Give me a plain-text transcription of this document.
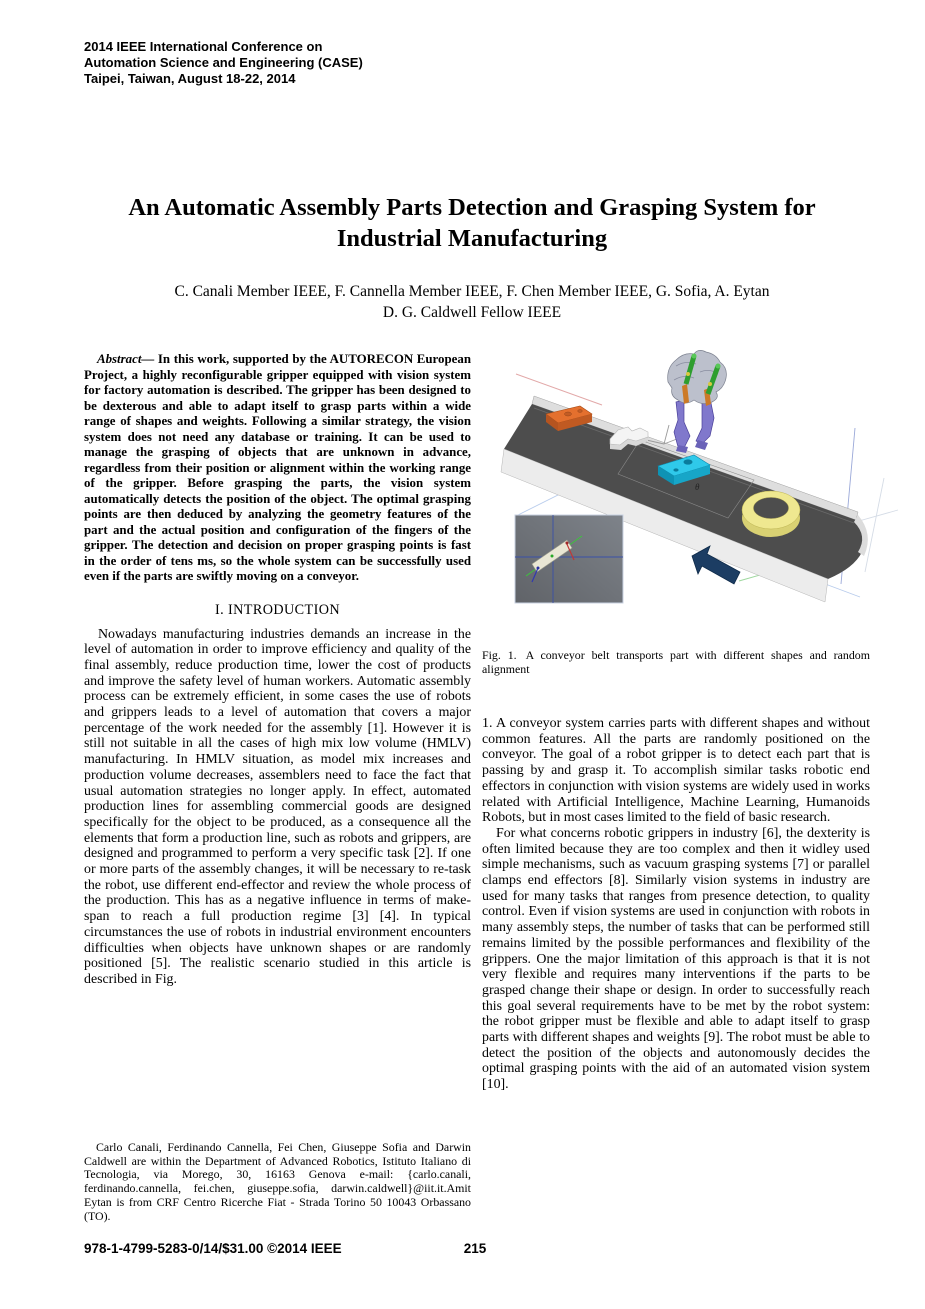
2014 IEEE International Conference on
Automation Science and Engineering (CASE)
Taipei, Taiwan, August 18-22, 2014
An Automatic Assembly Parts Detection and Grasping System for
Industrial Manufacturing
C. Canali Member IEEE, F. Cannella Member IEEE, F. Chen Member IEEE, G. Sofia, A. Eytan
D. G. Caldwell Fellow IEEE

Abstract— In this work, supported by the AUTORECON European Project, a highly reconfigurable gripper equipped with vision system for factory automation is described. The gripper has been designed to be dexterous and able to adapt itself to grasp parts within a wide range of shapes and weights. Following a similar strategy, the vision system does not need any database or training. It can be used to manage the grasping of objects that are unknown in advance, regardless from their position or alignment within the working range of the gripper. Before grasping the parts, the vision system automatically detects the position of the object. The optimal grasping points are then deduced by analyzing the geometry features of the part and the actual position and configuration of the fingers of the gripper. The detection and decision on proper grasping points is fast in the order of tens ms, so the whole system can be successfully used even if the parts are swiftly moving on a conveyor.

I. INTRODUCTION

Nowadays manufacturing industries demands an increase in the level of automation in order to improve efficiency and quality of the final assembly, reduce production time, lower the cost of products and improve the safety level of human workers. Automatic assembly process can be extremely efficient, in some cases the use of robots and grippers leads to a level of automation that covers a major percentage of the work needed for the assembly [1]. However it is still not suitable in all the cases of high mix low volume (HMLV) manufacturing. In HMLV situation, as model mix increases and production volume decreases, assemblers need to face the fact that usual automation strategies no longer apply. In effect, automated production lines for assembling commercial goods are designed specifically for the object to be produced, as a consequence all the elements that form a production line, such as robots and grippers, are designed and programmed to perform a very specific task [2]. If one or more parts of the assembly changes, it will be necessary to re-task the robot, use different end-effector and review the whole process of the production. This has as a negative influence in terms of make-span to reach a full production regime [3] [4]. In typical circumstances the use of robots in industrial environment encounters difficulties when objects have unknown shapes or are randomly positioned [5]. The realistic scenario studied in this article is described in Fig.

θ
Fig. 1. A conveyor belt transports part with different shapes and random alignment

1. A conveyor system carries parts with different shapes and without common features. All the parts are randomly positioned on the conveyor. The goal of a robot gripper is to detect each part that is passing by and grasp it. To accomplish similar tasks robotic end effectors in conjunction with vision systems are widely used in works related with Artificial Intelligence, Machine Learning, Humanoids Robots, but in most cases limited to the field of basic research.

For what concerns robotic grippers in industry [6], the dexterity is often limited because they are too complex and then it widley used simple mechanisms, such as vacuum grasping systems [7] or parallel clamps end effectors [8]. Similarly vision systems in industry are used for many tasks that ranges from presence detection, to quality control. Even if vision systems are used in conjunction with robots in many assembly steps, the number of tasks that can be performed still remains limited by the possible performances and flexibility of the grippers. One the major limitation of this approach is that it is not very flexible and requires many interventions if the parts to be grasped change their shape or design. In order to successfully reach this goal several requirements have to be met by the robot system: the robot gripper must be flexible and able to adapt itself to grasp parts with different shapes and weights [9]. The robot must be able to detect the position of the objects and autonomously decides the optimal grasping points with the aid of an automated vision system [10].

Carlo Canali, Ferdinando Cannella, Fei Chen, Giuseppe Sofia and Darwin Caldwell are within the Department of Advanced Robotics, Istituto Italiano di Tecnologia, via Morego, 30, 16163 Genova e-mail: {carlo.canali, ferdinando.cannella, fei.chen, giuseppe.sofia, darwin.caldwell}@iit.it.Amit Eytan is from CRF Centro Ricerche Fiat - Strada Torino 50 10043 Orbassano (TO).

978-1-4799-5283-0/14/$31.00 ©2014 IEEE	215
